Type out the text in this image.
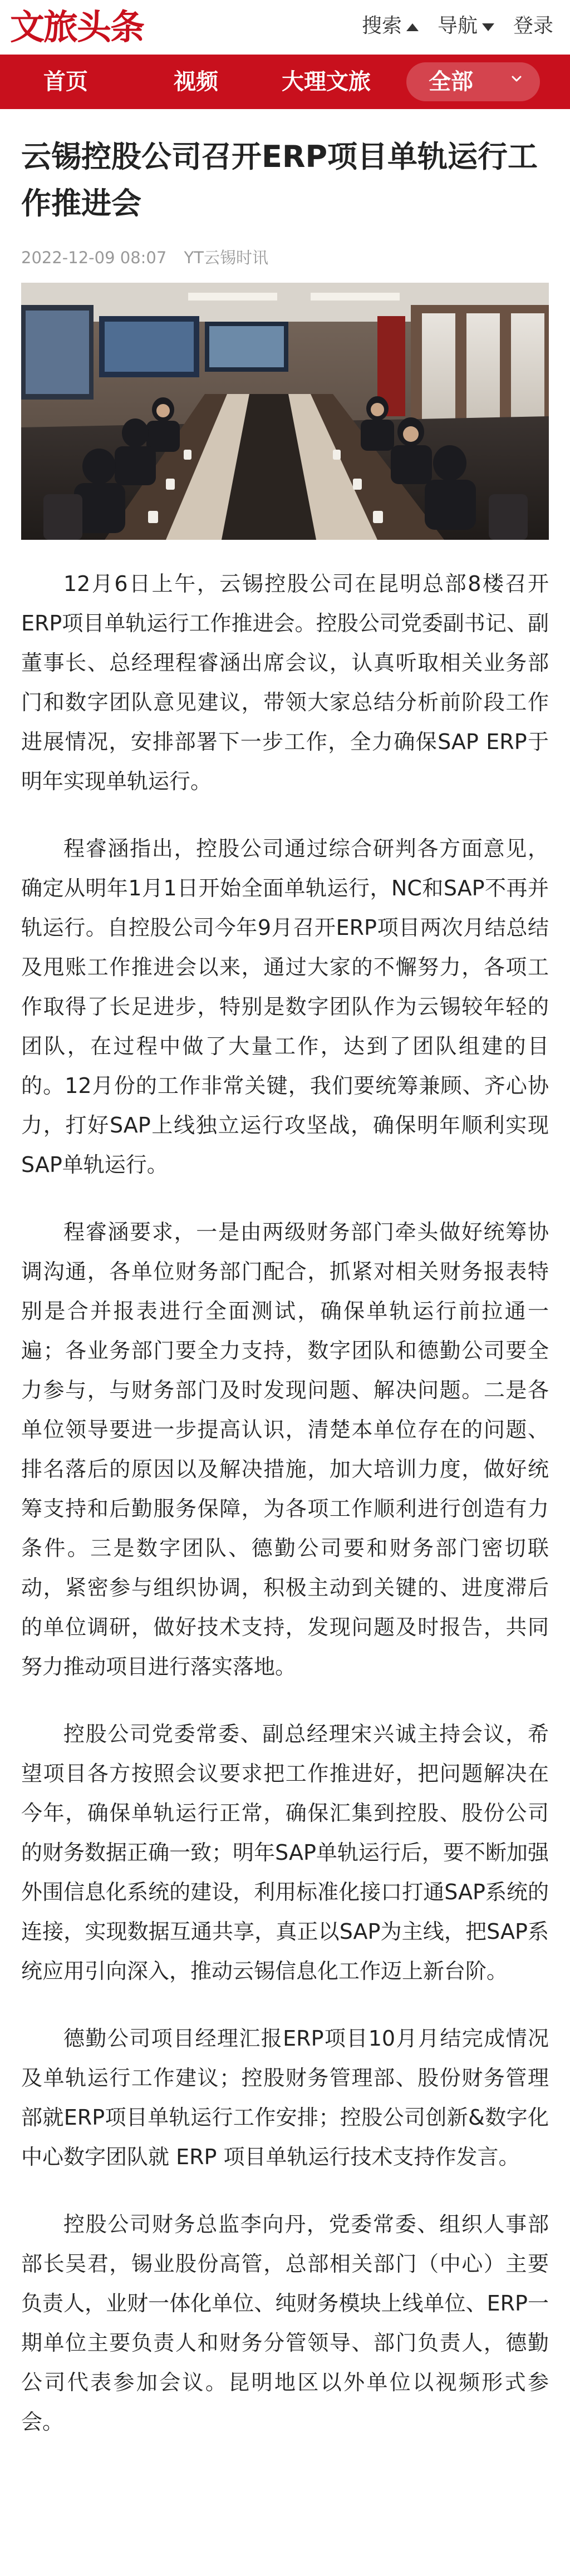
文旅头条	搜索 导航 登录
首页	视频	大理文旅	全部
云锡控股公司召开ERP项目单轨运行工作推进会
2022-12-09 08:07 YT云锡时讯

12月6日上午，云锡控股公司在昆明总部8楼召开ERP项目单轨运行工作推进会。控股公司党委副书记、副董事长、总经理程睿涵出席会议，认真听取相关业务部门和数字团队意见建议，带领大家总结分析前阶段工作进展情况，安排部署下一步工作，全力确保SAP ERP于明年实现单轨运行。

程睿涵指出，控股公司通过综合研判各方面意见，确定从明年1月1日开始全面单轨运行，NC和SAP不再并轨运行。自控股公司今年9月召开ERP项目两次月结总结及甩账工作推进会以来，通过大家的不懈努力，各项工作取得了长足进步，特别是数字团队作为云锡较年轻的团队，在过程中做了大量工作，达到了团队组建的目的。12月份的工作非常关键，我们要统筹兼顾、齐心协力，打好SAP上线独立运行攻坚战，确保明年顺利实现SAP单轨运行。

程睿涵要求，一是由两级财务部门牵头做好统筹协调沟通，各单位财务部门配合，抓紧对相关财务报表特别是合并报表进行全面测试，确保单轨运行前拉通一遍；各业务部门要全力支持，数字团队和德勤公司要全力参与，与财务部门及时发现问题、解决问题。二是各单位领导要进一步提高认识，清楚本单位存在的问题、排名落后的原因以及解决措施，加大培训力度，做好统筹支持和后勤服务保障，为各项工作顺利进行创造有力条件。三是数字团队、德勤公司要和财务部门密切联动，紧密参与组织协调，积极主动到关键的、进度滞后的单位调研，做好技术支持，发现问题及时报告，共同努力推动项目进行落实落地。

控股公司党委常委、副总经理宋兴诚主持会议，希望项目各方按照会议要求把工作推进好，把问题解决在今年，确保单轨运行正常，确保汇集到控股、股份公司的财务数据正确一致；明年SAP单轨运行后，要不断加强外围信息化系统的建设，利用标准化接口打通SAP系统的连接，实现数据互通共享，真正以SAP为主线，把SAP系统应用引向深入，推动云锡信息化工作迈上新台阶。

德勤公司项目经理汇报ERP项目10月月结完成情况及单轨运行工作建议；控股财务管理部、股份财务管理部就ERP项目单轨运行工作安排；控股公司创新&数字化中心数字团队就 ERP 项目单轨运行技术支持作发言。

控股公司财务总监李向丹，党委常委、组织人事部部长吴君，锡业股份高管，总部相关部门（中心）主要负责人，业财一体化单位、纯财务模块上线单位、ERP一期单位主要负责人和财务分管领导、部门负责人，德勤公司代表参加会议。昆明地区以外单位以视频形式参会。
